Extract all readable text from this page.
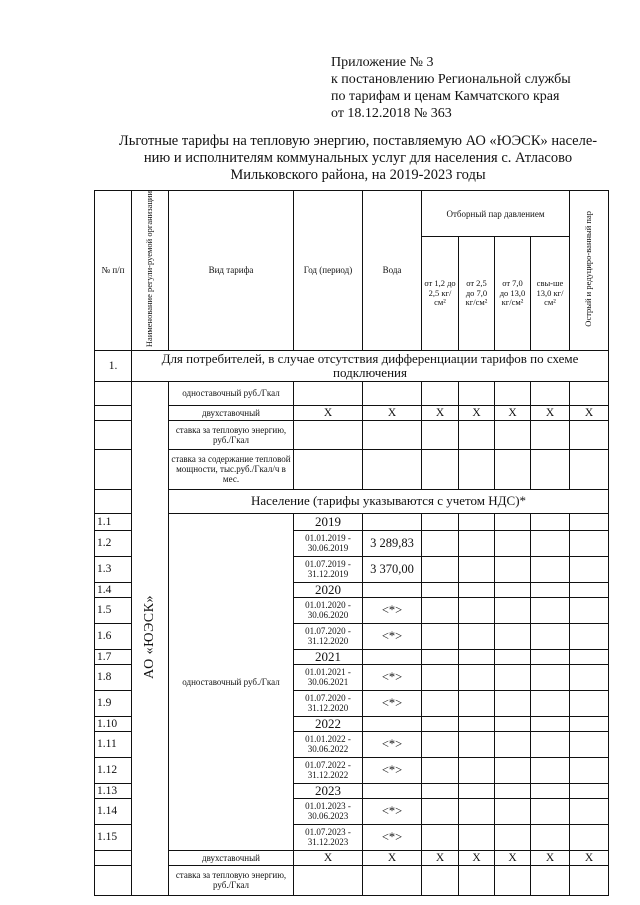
Приложение № 3
к постановлению Региональной службы
по тарифам и ценам Камчатского края
от 18.12.2018 № 363
Льготные тарифы на тепловую энергию, поставляемую АО «ЮЭСК» населе-
нию и исполнителям коммунальных услуг для населения с. Атласово
Мильковского района, на 2019-2023 годы
№ п/п	Наименование регули-руемой организации	Вид тарифа	Год (период)	Вода	Отборный пар давлением				Острый и редуциро-ванный пар
					от 1,2 до 2,5 кг/см²	от 2,5 до 7,0 кг/см²	от 7,0 до 13,0 кг/см²	свы-ше 13,0 кг/см²	
1.	Для потребителей, в случае отсутствия дифференциации тарифов по схеме подключения								
	АО «ЮЭСК»	одноставочный руб./Гкал							
		двухставочный	Х	Х	Х	Х	Х	Х	Х
		ставка за тепловую энергию, руб./Гкал							
		ставка за содержание тепловой мощности, тыс.руб./Гкал/ч в мес.							
		Население (тарифы указываются с учетом НДС)*							
1.1		одноставочный руб./Гкал	2019						
1.2			01.01.2019 - 30.06.2019	3 289,83					
1.3			01.07.2019 - 31.12.2019	3 370,00					
1.4			2020						
1.5			01.01.2020 - 30.06.2020	<*>					
1.6			01.07.2020 - 31.12.2020	<*>					
1.7			2021						
1.8			01.01.2021 - 30.06.2021	<*>					
1.9			01.07.2020 - 31.12.2020	<*>					
1.10			2022						
1.11			01.01.2022 - 30.06.2022	<*>					
1.12			01.07.2022 - 31.12.2022	<*>					
1.13			2023						
1.14			01.01.2023 - 30.06.2023	<*>					
1.15			01.07.2023 - 31.12.2023	<*>					
		двухставочный	Х	Х	Х	Х	Х	Х	Х
		ставка за тепловую энергию, руб./Гкал							
